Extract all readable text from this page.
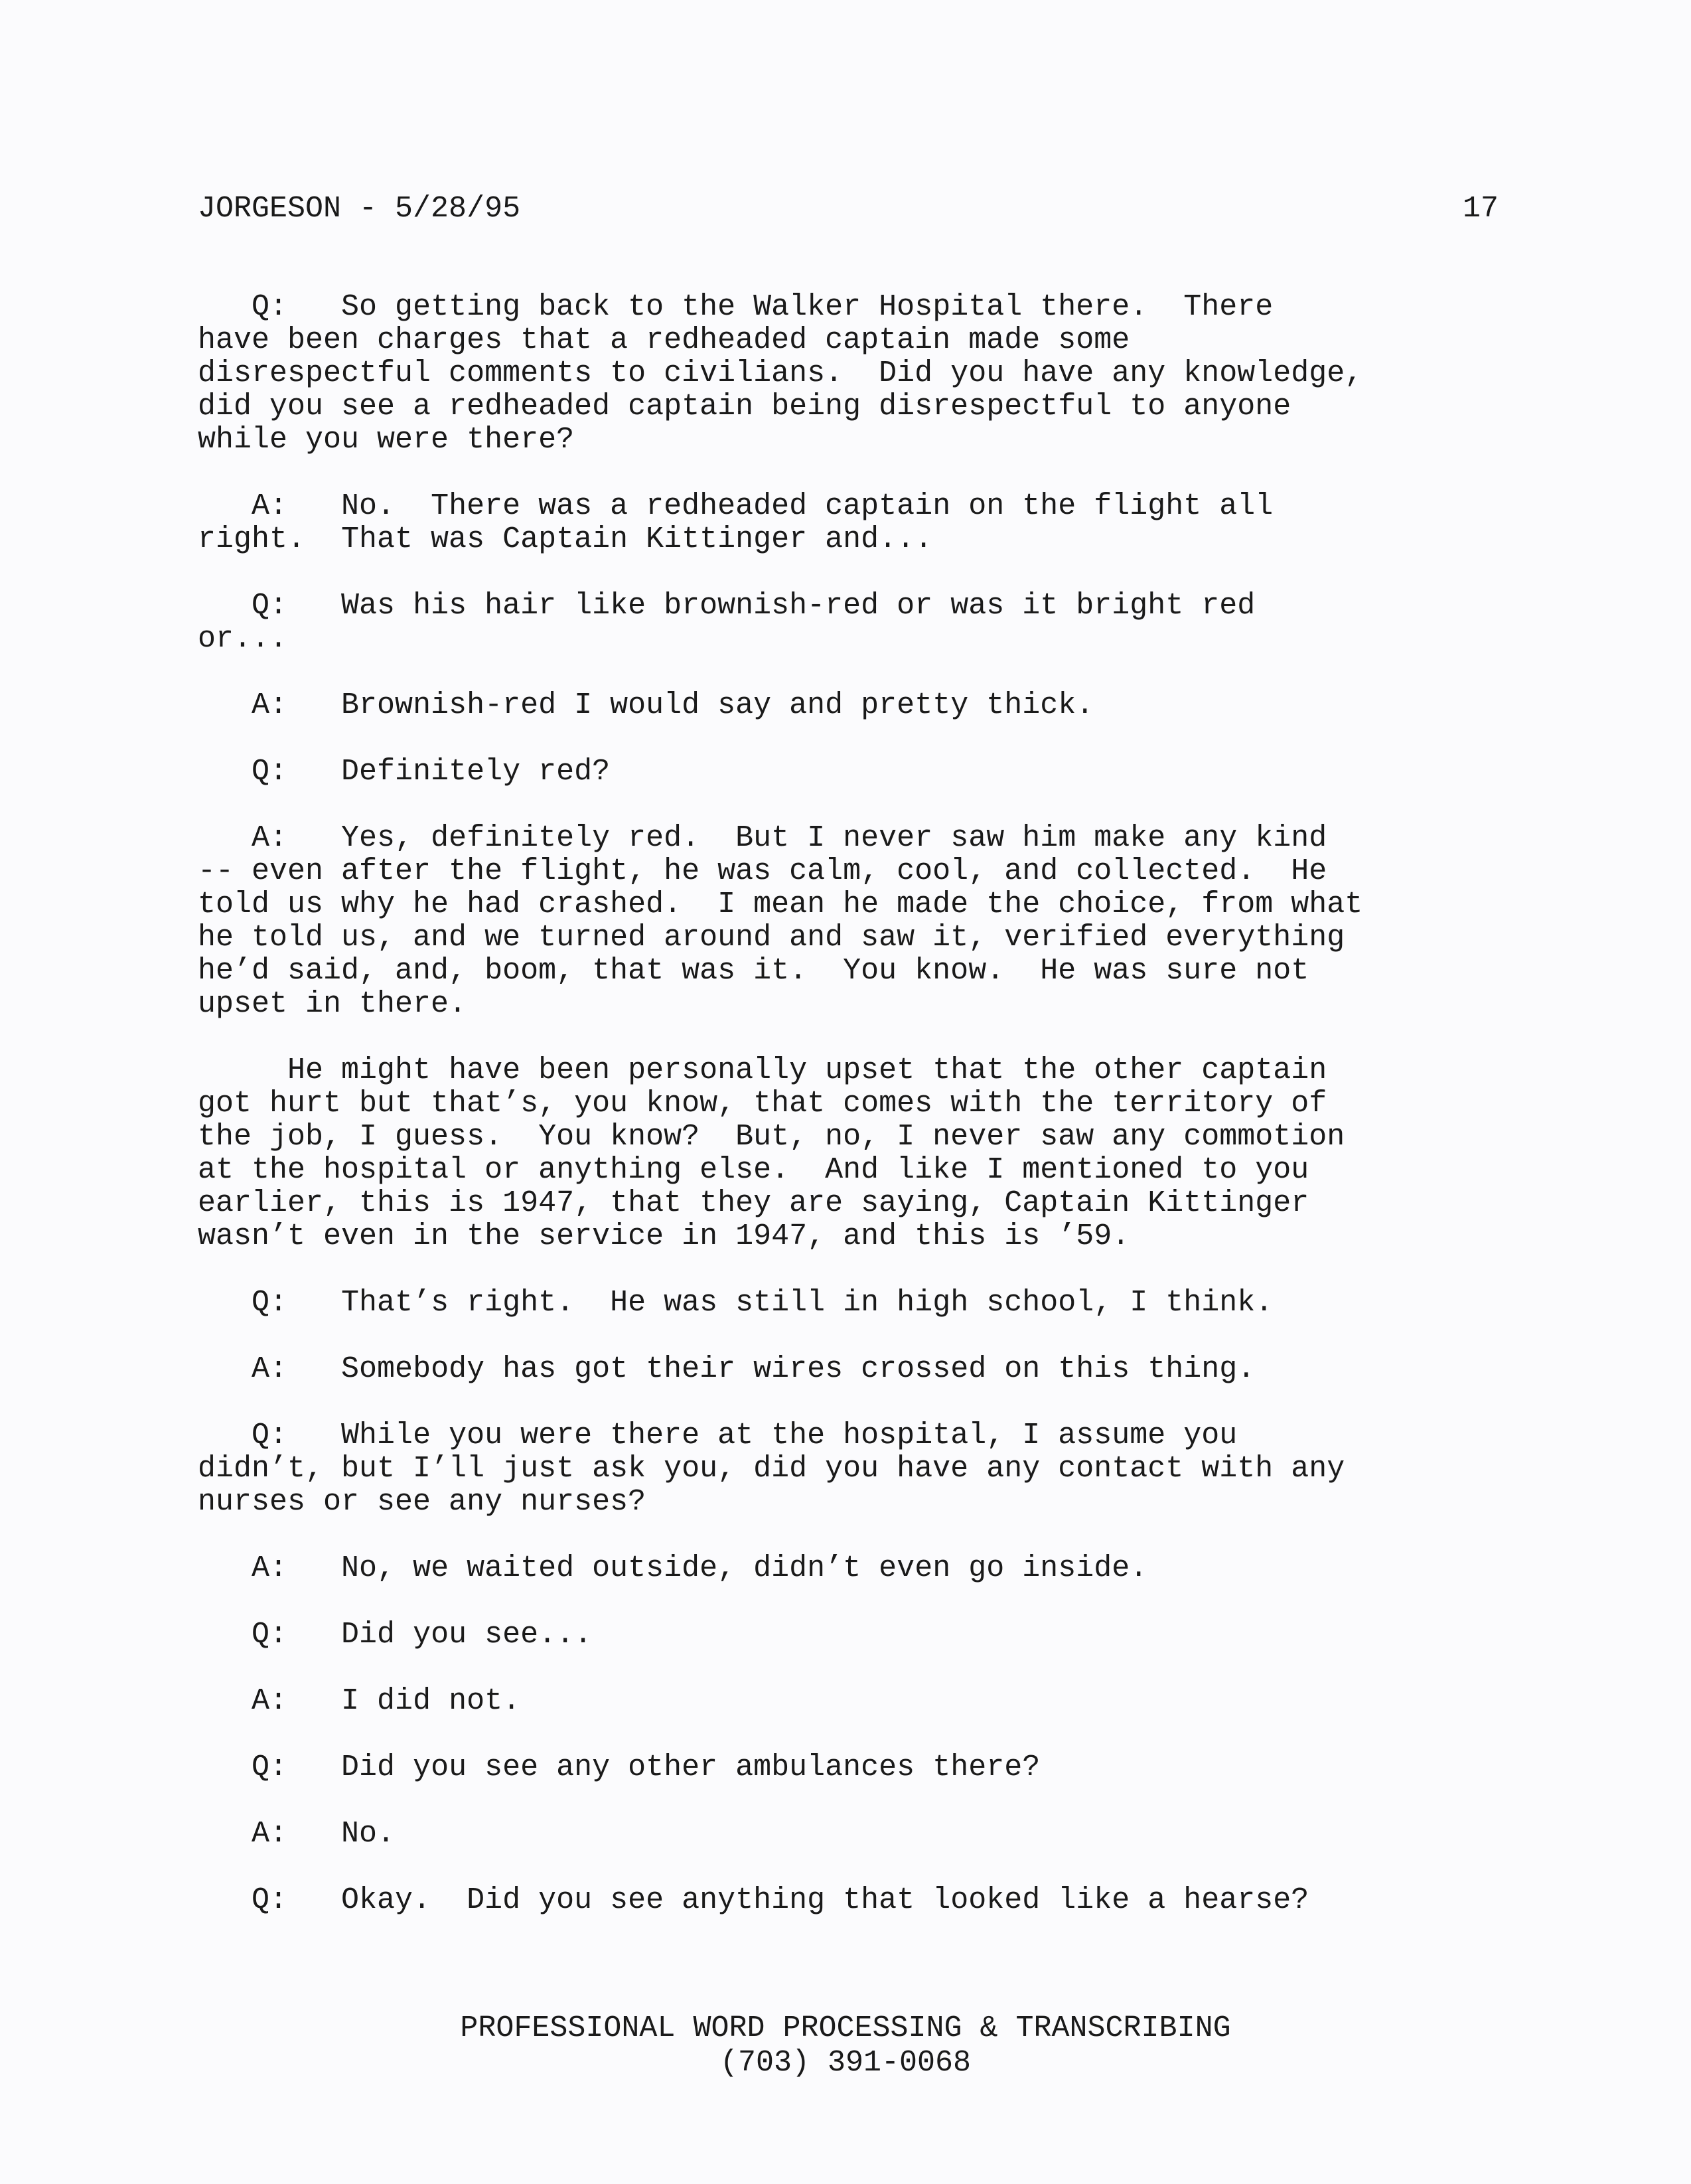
JORGESON - 5/28/95	17
Q: So getting back to the Walker Hospital there.  There
have been charges that a redheaded captain made some
disrespectful comments to civilians.  Did you have any knowledge,
did you see a redheaded captain being disrespectful to anyone
while you were there?
A: No.  There was a redheaded captain on the flight all
right.  That was Captain Kittinger and...
Q: Was his hair like brownish-red or was it bright red
or...
A: Brownish-red I would say and pretty thick.
Q: Definitely red?
A: Yes, definitely red.  But I never saw him make any kind
-- even after the flight, he was calm, cool, and collected.  He
told us why he had crashed.  I mean he made the choice, from what
he told us, and we turned around and saw it, verified everything
he’d said, and, boom, that was it.  You know.  He was sure not
upset in there.
He might have been personally upset that the other captain
got hurt but that’s, you know, that comes with the territory of
the job, I guess.  You know?  But, no, I never saw any commotion
at the hospital or anything else.  And like I mentioned to you
earlier, this is 1947, that they are saying, Captain Kittinger
wasn’t even in the service in 1947, and this is ’59.
Q: That’s right.  He was still in high school, I think.
A: Somebody has got their wires crossed on this thing.
Q: While you were there at the hospital, I assume you
didn’t, but I’ll just ask you, did you have any contact with any
nurses or see any nurses?
A: No, we waited outside, didn’t even go inside.
Q: Did you see...
A: I did not.
Q: Did you see any other ambulances there?
A: No.
Q: Okay.  Did you see anything that looked like a hearse?
PROFESSIONAL WORD PROCESSING & TRANSCRIBING
(703) 391-0068
